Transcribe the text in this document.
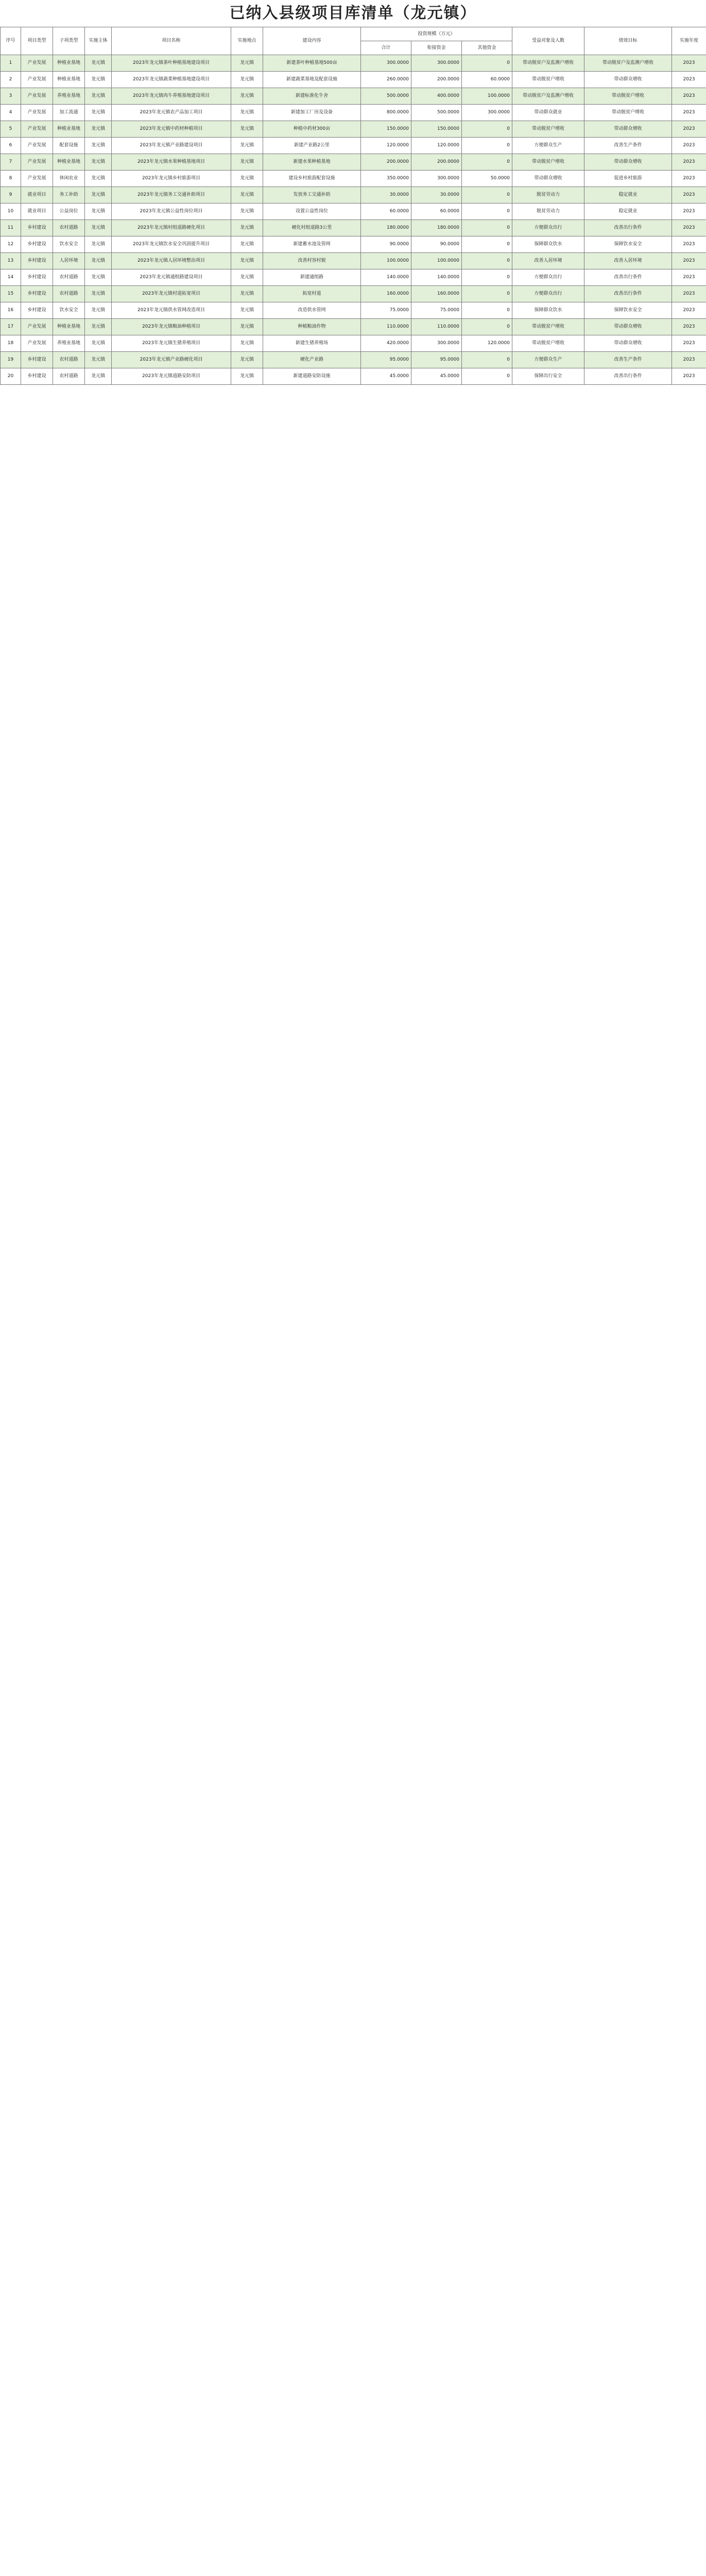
已纳入县级项目库清单（龙元镇）
序号	项目类型	子项类型	实施主体	项目名称	实施地点	建设内容	投资规模（万元）			受益对象及人数	绩效目标	实施年度
							合计	衔接资金	其他资金			
1	产业发展	种植业基地	龙元镇	2023年龙元镇茶叶种植基地建设项目	龙元镇	新建茶叶种植基地500亩	300.0000	300.0000	0	带动脱贫户及监测户增收	带动脱贫户及监测户增收	2023
2	产业发展	种植业基地	龙元镇	2023年龙元镇蔬菜种植基地建设项目	龙元镇	新建蔬菜基地及配套设施	260.0000	200.0000	60.0000	带动脱贫户增收	带动群众增收	2023
3	产业发展	养殖业基地	龙元镇	2023年龙元镇肉牛养殖基地建设项目	龙元镇	新建标准化牛舍	500.0000	400.0000	100.0000	带动脱贫户及监测户增收	带动脱贫户增收	2023
4	产业发展	加工流通	龙元镇	2023年龙元镇农产品加工项目	龙元镇	新建加工厂房及设备	800.0000	500.0000	300.0000	带动群众就业	带动脱贫户增收	2023
5	产业发展	种植业基地	龙元镇	2023年龙元镇中药材种植项目	龙元镇	种植中药材300亩	150.0000	150.0000	0	带动脱贫户增收	带动群众增收	2023
6	产业发展	配套设施	龙元镇	2023年龙元镇产业路建设项目	龙元镇	新建产业路2公里	120.0000	120.0000	0	方便群众生产	改善生产条件	2023
7	产业发展	种植业基地	龙元镇	2023年龙元镇水果种植基地项目	龙元镇	新建水果种植基地	200.0000	200.0000	0	带动脱贫户增收	带动群众增收	2023
8	产业发展	休闲农业	龙元镇	2023年龙元镇乡村旅游项目	龙元镇	建设乡村旅游配套设施	350.0000	300.0000	50.0000	带动群众增收	促进乡村旅游	2023
9	就业项目	务工补助	龙元镇	2023年龙元镇务工交通补助项目	龙元镇	发放务工交通补助	30.0000	30.0000	0	脱贫劳动力	稳定就业	2023
10	就业项目	公益岗位	龙元镇	2023年龙元镇公益性岗位项目	龙元镇	设置公益性岗位	60.0000	60.0000	0	脱贫劳动力	稳定就业	2023
11	乡村建设	农村道路	龙元镇	2023年龙元镇村组道路硬化项目	龙元镇	硬化村组道路3公里	180.0000	180.0000	0	方便群众出行	改善出行条件	2023
12	乡村建设	饮水安全	龙元镇	2023年龙元镇饮水安全巩固提升项目	龙元镇	新建蓄水池及管网	90.0000	90.0000	0	保障群众饮水	保障饮水安全	2023
13	乡村建设	人居环境	龙元镇	2023年龙元镇人居环境整治项目	龙元镇	改善村容村貌	100.0000	100.0000	0	改善人居环境	改善人居环境	2023
14	乡村建设	农村道路	龙元镇	2023年龙元镇通组路建设项目	龙元镇	新建通组路	140.0000	140.0000	0	方便群众出行	改善出行条件	2023
15	乡村建设	农村道路	龙元镇	2023年龙元镇村道拓宽项目	龙元镇	拓宽村道	160.0000	160.0000	0	方便群众出行	改善出行条件	2023
16	乡村建设	饮水安全	龙元镇	2023年龙元镇供水管网改造项目	龙元镇	改造供水管网	75.0000	75.0000	0	保障群众饮水	保障饮水安全	2023
17	产业发展	种植业基地	龙元镇	2023年龙元镇粮油种植项目	龙元镇	种植粮油作物	110.0000	110.0000	0	带动脱贫户增收	带动群众增收	2023
18	产业发展	养殖业基地	龙元镇	2023年龙元镇生猪养殖项目	龙元镇	新建生猪养殖场	420.0000	300.0000	120.0000	带动脱贫户增收	带动群众增收	2023
19	乡村建设	农村道路	龙元镇	2023年龙元镇产业路硬化项目	龙元镇	硬化产业路	95.0000	95.0000	0	方便群众生产	改善生产条件	2023
20	乡村建设	农村道路	龙元镇	2023年龙元镇道路安防项目	龙元镇	新建道路安防设施	45.0000	45.0000	0	保障出行安全	改善出行条件	2023
